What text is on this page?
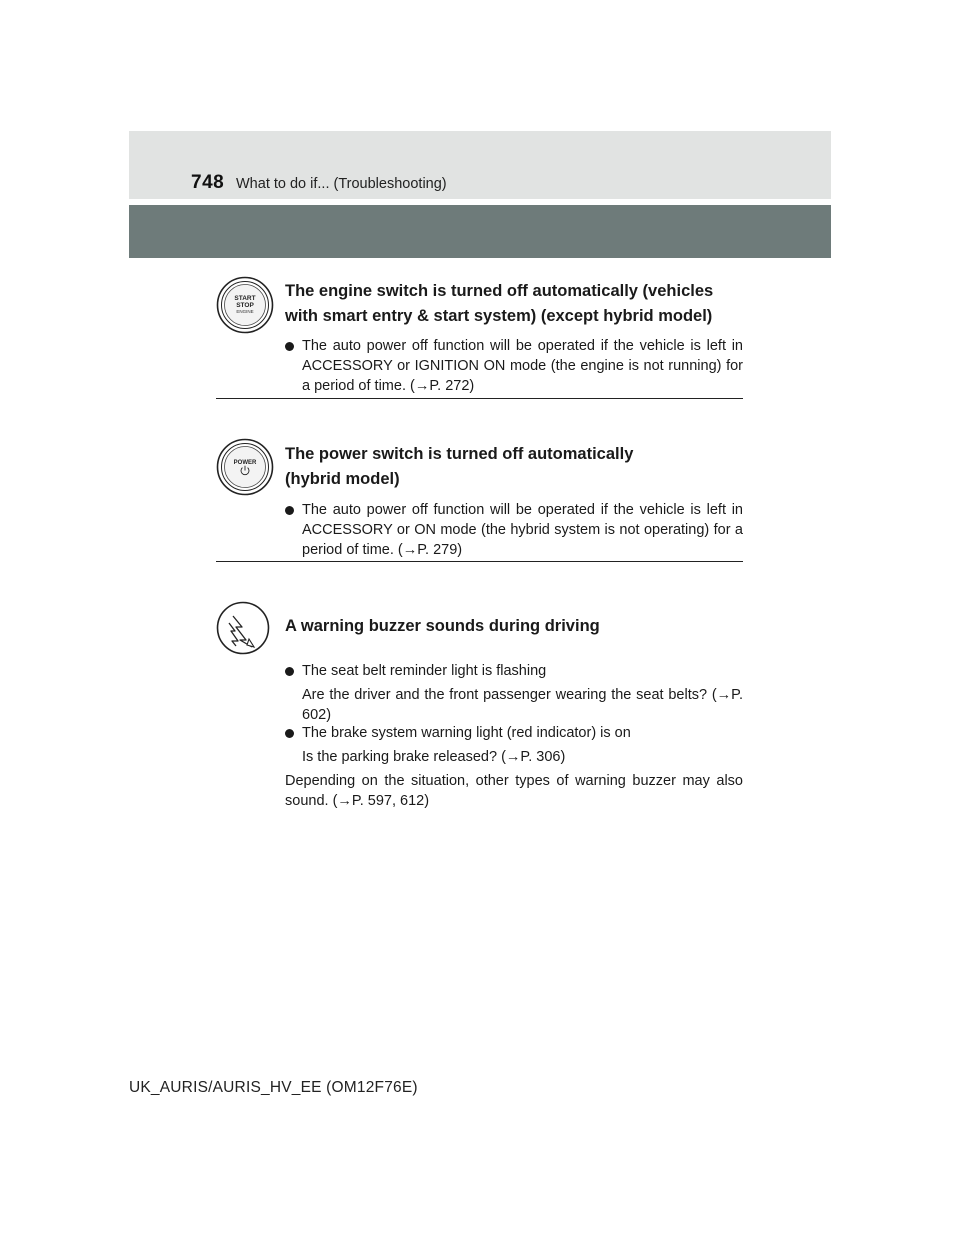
748 What to do if... (Troubleshooting)
START
STOP
ENGINE
The engine switch is turned off automatically (vehicles
with smart entry & start system) (except hybrid model)
The auto power off function will be operated if the vehicle is left in ACCESSORY or IGNITION ON mode (the engine is not running) for a period of time. (→P. 272)
POWER The power switch is turned off automatically
(hybrid model)
The auto power off function will be operated if the vehicle is left in ACCESSORY or ON mode (the hybrid system is not operating) for a period of time. (→P. 279)
A warning buzzer sounds during driving
The seat belt reminder light is flashing
Are the driver and the front passenger wearing the seat belts? (→P. 602)
The brake system warning light (red indicator) is on
Is the parking brake released? (→P. 306)
Depending on the situation, other types of warning buzzer may also sound. (→P. 597, 612)
UK_AURIS/AURIS_HV_EE (OM12F76E)
